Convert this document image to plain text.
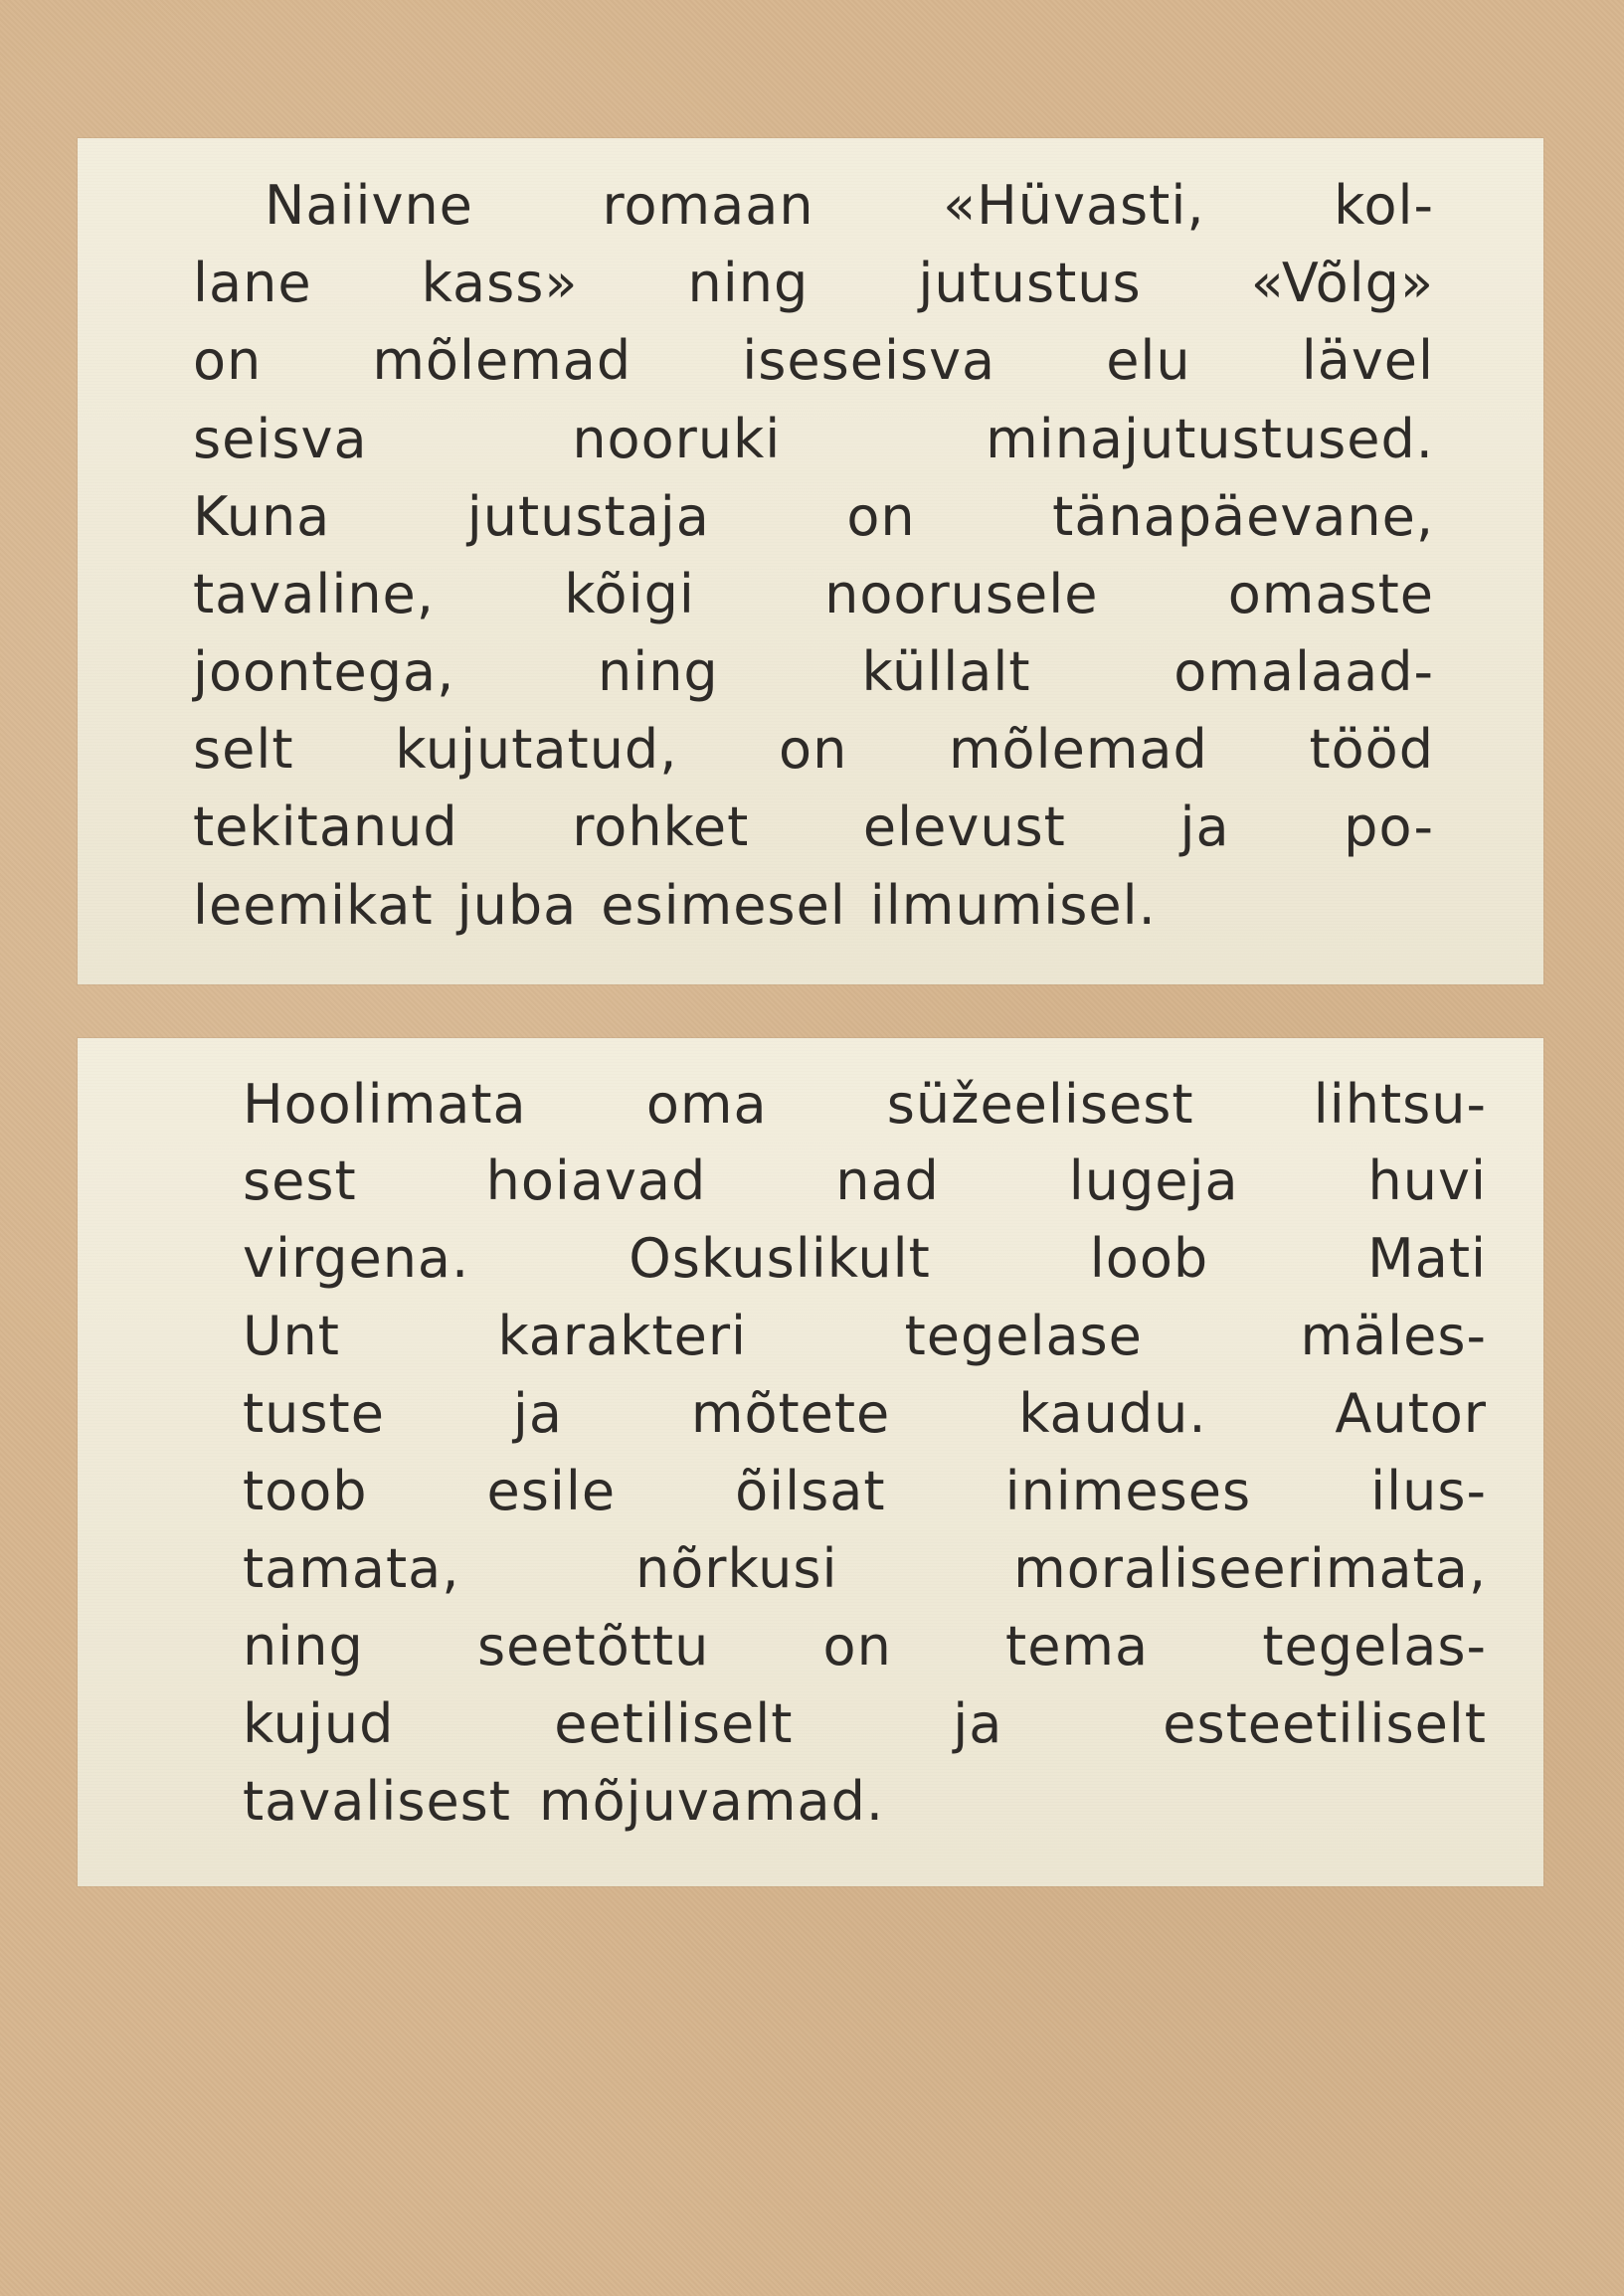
Naiivne romaan «Hüvasti, kol-
lane kass» ning jutustus «Võlg»
on mõlemad iseseisva elu lävel
seisva	nooruki	minajutustused.
Kuna	jutustaja	on	tänapäevane,
tavaline, kõigi noorusele omaste
joontega,	ning	küllalt	omalaad-
selt kujutatud, on mõlemad tööd
tekitanud rohket elevust ja po-
leemikat juba esimesel ilmumisel.
Hoolimata oma süžeelisest lihtsu-
sest hoiavad nad lugeja huvi
virgena.	Oskuslikult	loob	Mati
Unt	karakteri	tegelase	mäles-
tuste ja mõtete kaudu. Autor
toob esile õilsat inimeses ilus-
tamata,	nõrkusi	moraliseerimata,
ning seetõttu on tema tegelas-
kujud	eetiliselt	ja	esteetiliselt
tavalisest mõjuvamad.
